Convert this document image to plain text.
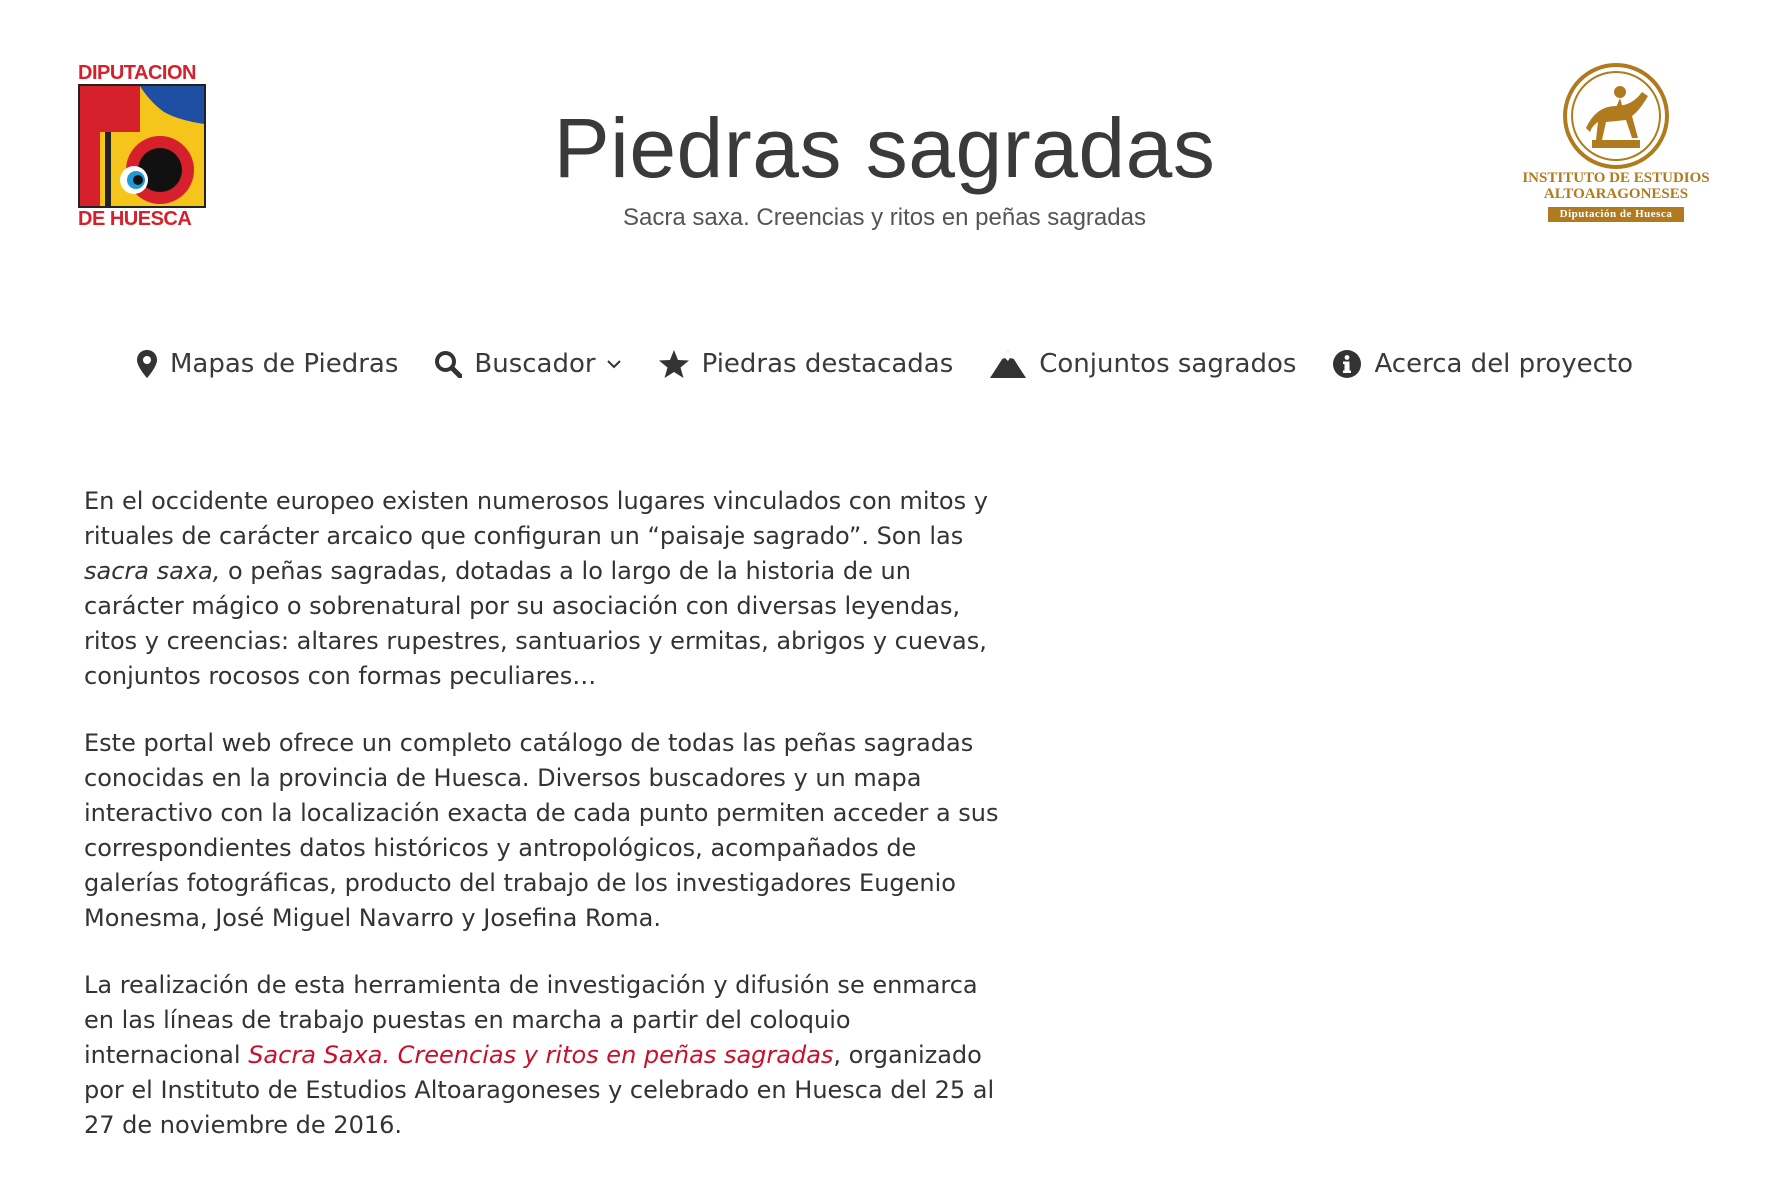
DIPUTACION
DE HUESCA
Piedras sagradas
Sacra saxa. Creencias y ritos en peñas sagradas
INSTITUTO DE ESTUDIOS
ALTOARAGONESES
Diputación de Huesca
Mapas de Piedras	Buscador	Piedras destacadas	Conjuntos sagrados	Acerca del proyecto

En el occidente europeo existen numerosos lugares vinculados con mitos y rituales de carácter arcaico que configuran un “paisaje sagrado”. Son las sacra saxa, o peñas sagradas, dotadas a lo largo de la historia de un carácter mágico o sobrenatural por su asociación con diversas leyendas, ritos y creencias: altares rupestres, santuarios y ermitas, abrigos y cuevas, conjuntos rocosos con formas peculiares…

Este portal web ofrece un completo catálogo de todas las peñas sagradas conocidas en la provincia de Huesca. Diversos buscadores y un mapa interactivo con la localización exacta de cada punto permiten acceder a sus correspondientes datos históricos y antropológicos, acompañados de galerías fotográficas, producto del trabajo de los investigadores Eugenio Monesma, José Miguel Navarro y Josefina Roma.

La realización de esta herramienta de investigación y difusión se enmarca en las líneas de trabajo puestas en marcha a partir del coloquio internacional Sacra Saxa. Creencias y ritos en peñas sagradas, organizado por el Instituto de Estudios Altoaragoneses y celebrado en Huesca del 25 al 27 de noviembre de 2016.
